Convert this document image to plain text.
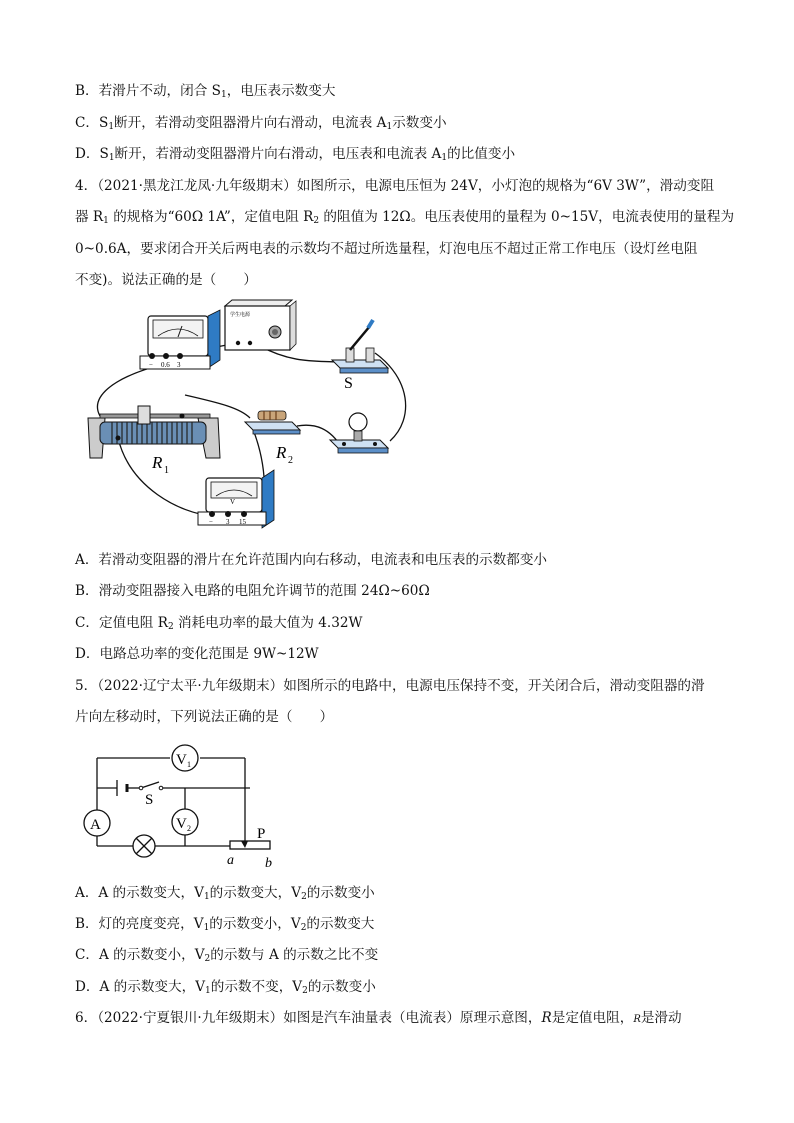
B．若滑片不动，闭合 $S_1$，电压表示数变大
C．$S_1$断开，若滑动变阻器滑片向右滑动，电流表 $A_1$示数变小
D．$S_1$断开，若滑动变阻器滑片向右滑动，电压表和电流表 $A_1$的比值变小
4．（2021·黑龙江龙凤·九年级期末）如图所示，电源电压恒为 24V，小灯泡的规格为“6V 3W”，滑动变阻
器 $R_1$ 的规格为“60Ω 1A”，定值电阻 $R_2$ 的阻值为 12Ω。电压表使用的量程为 0~15V，电流表使用的量程为
0~0.6A，要求闭合开关后两电表的示数均不超过所选量程，灯泡电压不超过正常工作电压（设灯丝电阻
不变)。说法正确的是（　　）
− 0.6 3
学生电源
S
R 1
R 2
V
− 3 15
A．若滑动变阻器的滑片在允许范围内向右移动，电流表和电压表的示数都变小
B．滑动变阻器接入电路的电阻允许调节的范围 24Ω~60Ω
C．定值电阻 $R_2$ 消耗电功率的最大值为 4.32W
D．电路总功率的变化范围是 9W~12W
5．（2022·辽宁太平·九年级期末）如图所示的电路中，电源电压保持不变，开关闭合后，滑动变阻器的滑
片向左移动时，下列说法正确的是（　　）
S
V 1
A	V 2	P
a b
A．A 的示数变大，$V_1$的示数变大，$V_2$的示数变小
B．灯的亮度变亮，$V_1$的示数变小，$V_2$的示数变大
C．A 的示数变小，$V_2$的示数与 A 的示数之比不变
D．A 的示数变大，$V_1$的示数不变，$V_2$的示数变小
6．（2022·宁夏银川·九年级期末）如图是汽车油量表（电流表）原理示意图，R是定值电阻，R是滑动
